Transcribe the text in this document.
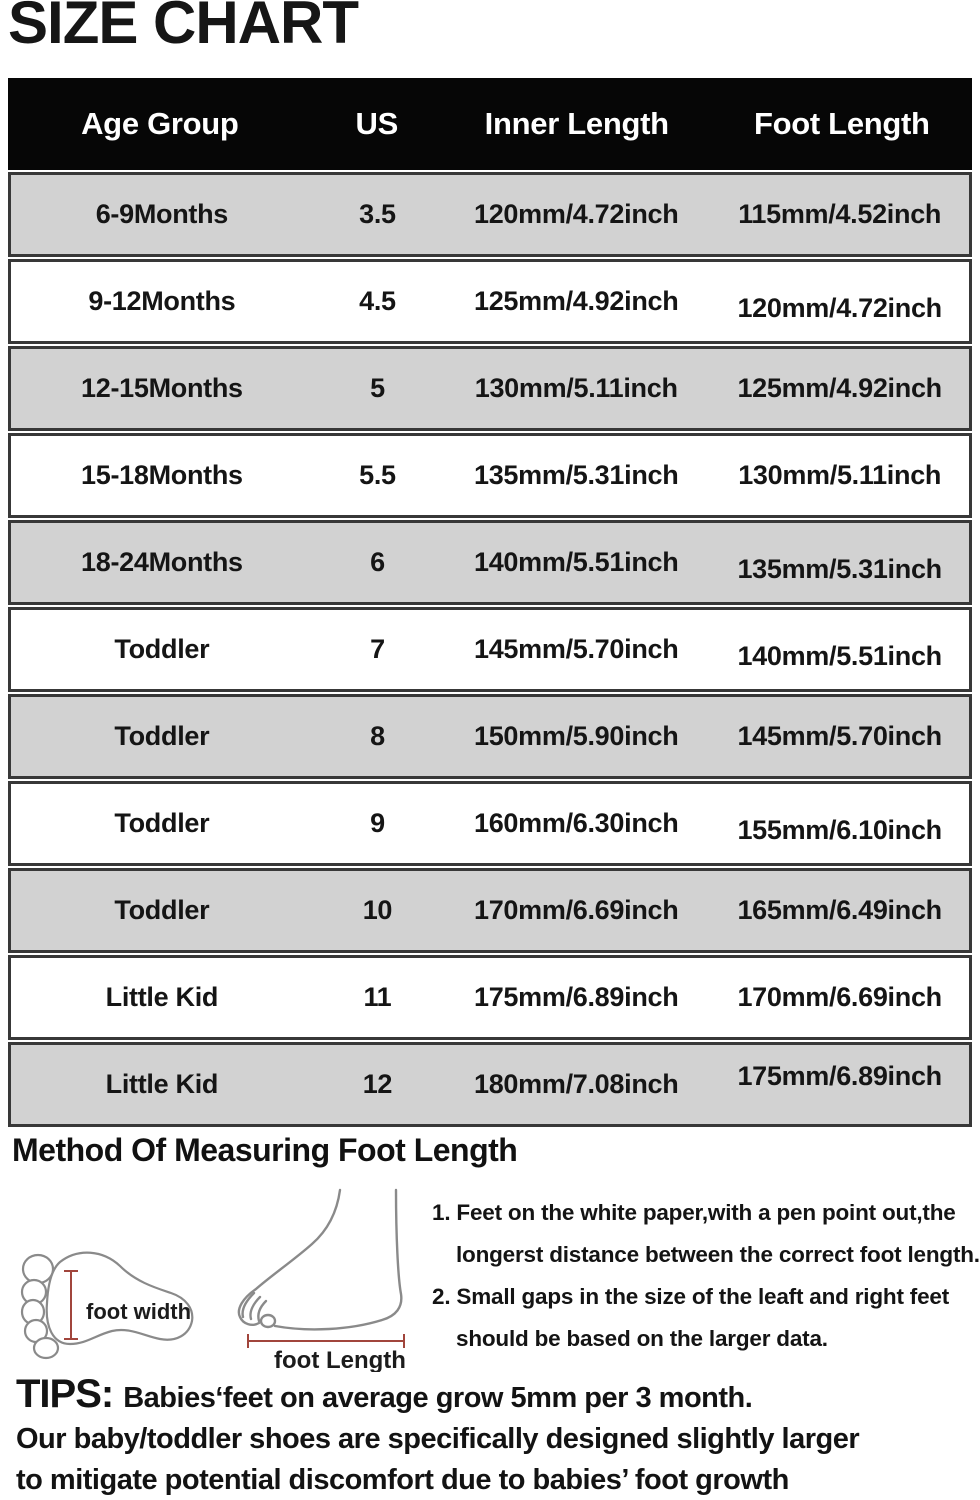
SIZE CHART
Age Group	US	Inner Length	Foot Length
6-9Months	3.5	120mm/4.72inch	115mm/4.52inch
9-12Months	4.5	125mm/4.92inch	120mm/4.72inch
12-15Months	5	130mm/5.11inch	125mm/4.92inch
15-18Months	5.5	135mm/5.31inch	130mm/5.11inch
18-24Months	6	140mm/5.51inch	135mm/5.31inch
Toddler	7	145mm/5.70inch	140mm/5.51inch
Toddler	8	150mm/5.90inch	145mm/5.70inch
Toddler	9	160mm/6.30inch	155mm/6.10inch
Toddler	10	170mm/6.69inch	165mm/6.49inch
Little Kid	11	175mm/6.89inch	170mm/6.69inch
Little Kid	12	180mm/7.08inch	175mm/6.89inch
Method Of Measuring Foot Length
foot width
foot Length

1. Feet on the white paper,with a pen point out,the

longerst distance between the correct foot length.

2. Small gaps in the size of the leaft and right feet

should be based on the larger data.

TIPS: Babies‘feet on average grow 5mm per 3 month.

Our baby/toddler shoes are specifically designed slightly larger

to mitigate potential discomfort due to babies’ foot growth
